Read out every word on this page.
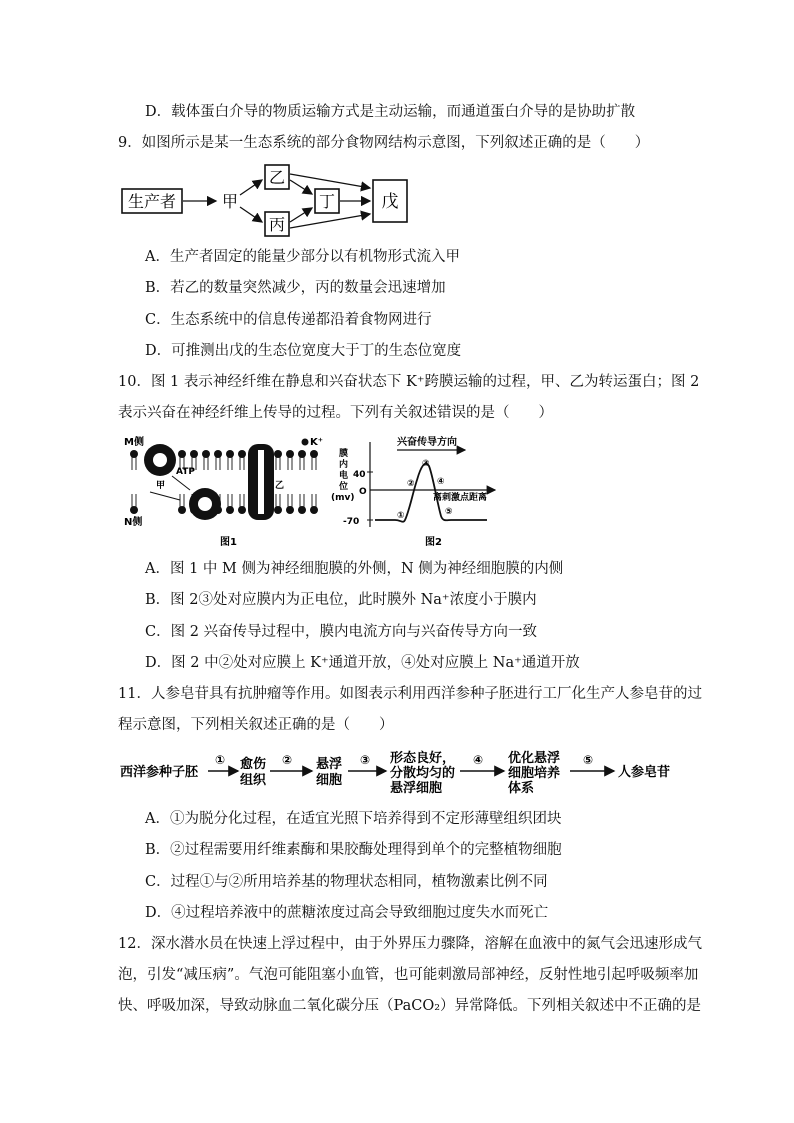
D．载体蛋白介导的物质运输方式是主动运输，而通道蛋白介导的是协助扩散
9．如图所示是某一生态系统的部分食物网结构示意图，下列叙述正确的是（　　）
生产者	甲
乙
丙
丁	戊
A．生产者固定的能量少部分以有机物形式流入甲
B．若乙的数量突然减少，丙的数量会迅速增加
C．生态系统中的信息传递都沿着食物网进行
D．可推测出戊的生态位宽度大于丁的生态位宽度
10．图 1 表示神经纤维在静息和兴奋状态下 K⁺跨膜运输的过程，甲、乙为转运蛋白；图 2
表示兴奋在神经纤维上传导的过程。下列有关叙述错误的是（　　）
M侧	K⁺
ATP
甲	乙
N侧
图1
兴奋传导方向
膜
内
电
位
(mv)
40
O
-70
离刺激点距离
①
②
③
④
⑤
图2
A．图 1 中 M 侧为神经细胞膜的外侧，N 侧为神经细胞膜的内侧
B．图 2③处对应膜内为正电位，此时膜外 Na⁺浓度小于膜内
C．图 2 兴奋传导过程中，膜内电流方向与兴奋传导方向一致
D．图 2 中②处对应膜上 K⁺通道开放，④处对应膜上 Na⁺通道开放
11．人参皂苷具有抗肿瘤等作用。如图表示利用西洋参种子胚进行工厂化生产人参皂苷的过
程示意图，下列相关叙述正确的是（　　）
西洋参种子胚
① 愈伤
组织
② 悬浮
细胞
③ 形态良好，
分散均匀的
悬浮细胞
④ 优化悬浮
细胞培养
体系
⑤
人参皂苷
A．①为脱分化过程，在适宜光照下培养得到不定形薄壁组织团块
B．②过程需要用纤维素酶和果胶酶处理得到单个的完整植物细胞
C．过程①与②所用培养基的物理状态相同，植物激素比例不同
D．④过程培养液中的蔗糖浓度过高会导致细胞过度失水而死亡
12．深水潜水员在快速上浮过程中，由于外界压力骤降，溶解在血液中的氮气会迅速形成气
泡，引发“减压病”。气泡可能阻塞小血管，也可能刺激局部神经，反射性地引起呼吸频率加
快、呼吸加深，导致动脉血二氧化碳分压（PaCO₂）异常降低。下列相关叙述中不正确的是
